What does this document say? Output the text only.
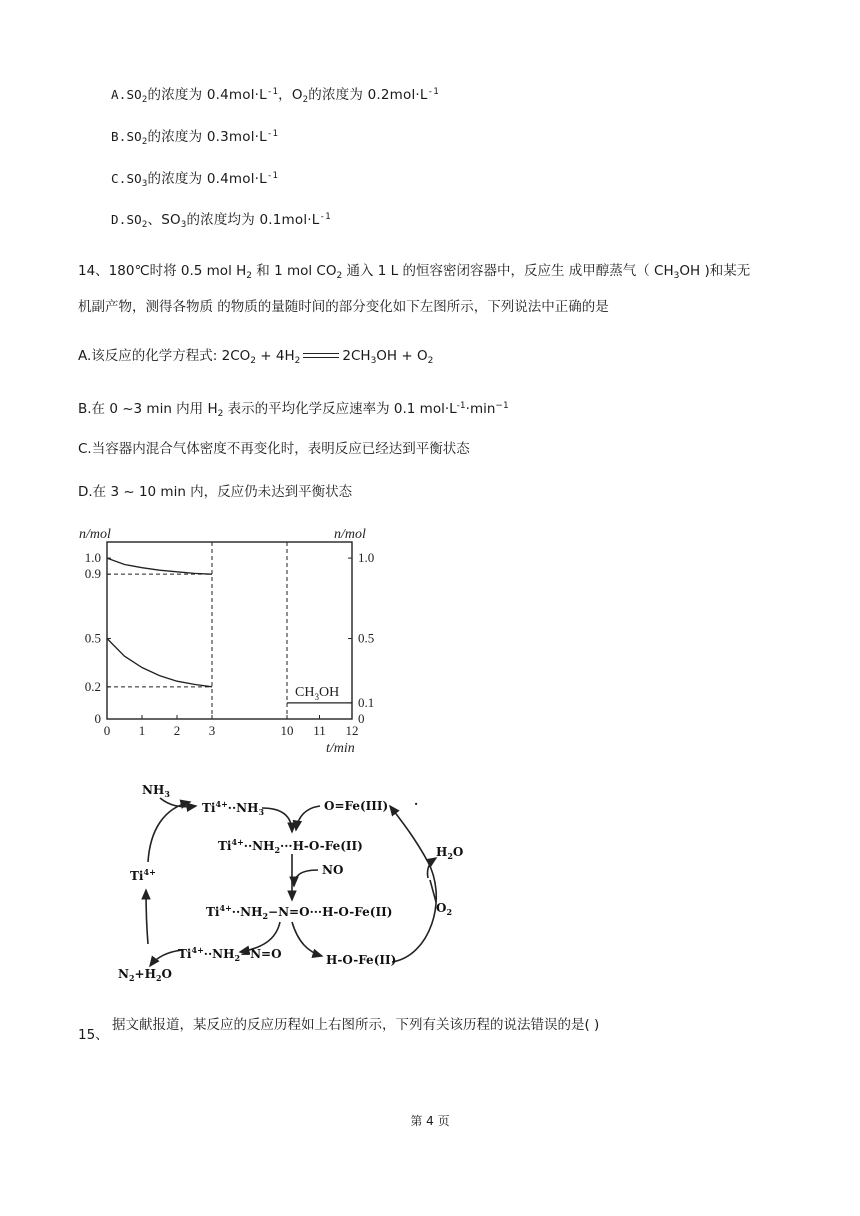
$A.SO_2$的浓度为 $0.4mol\cdot L^{-1}$，$O_2$的浓度为 $0.2mol\cdot L^{-1}$
$B.SO_2$的浓度为 $0.3mol\cdot L^{-1}$
$C.SO_3$的浓度为 $0.4mol\cdot L^{-1}$
$D.SO_2$、$SO_3$的浓度均为 $0.1mol\cdot L^{-1}$
14、180℃时将 0.5 mol $H_2$ 和 1 mol $CO_2$ 通入 1 L 的恒容密闭容器中，反应生 成甲醇蒸气（ $CH_3OH$ )和某无
机副产物，测得各物质 的物质的量随时间的部分变化如下左图所示，下列说法中正确的是
A.该反应的化学方程式: $2CO_2 + 4H_2$	$2CH_3OH + O_2$
B.在 0 ~3 min 内用 $H_2$ 表示的平均化学反应速率为 0.1 $mol\cdot L^{-1}\cdot\min^{-1}$
C.当容器内混合气体密度不再变化时，表明反应已经达到平衡状态
D.在 3 ~ 10 min 内，反应仍未达到平衡状态
0 1 2 3	10 11 12
0
0.2
0.5
0.9
1.0
0
0.1
0.5
1.0
n/mol	n/mol
t/min
$CH_3OH$
$NH_3$
$Ti^{4+}\cdot\cdot NH_3$	O=Fe(III) ·
$Ti^{4+}\cdot\cdot NH_2\cdot\cdot\cdot H-O-Fe(II)$
NO
$H_2O$
$Ti^{4+}$
$Ti^{4+}\cdot\cdot NH_2-N=O\cdot\cdot\cdot H-O-Fe(II)$	$O_2$
$Ti^{4+}\cdot\cdot NH_2-N=O$	H-O-Fe(II)
$N_2+H_2O$
15、
据文献报道，某反应的反应历程如上右图所示，下列有关该历程的说法错误的是( )
第 4 页
